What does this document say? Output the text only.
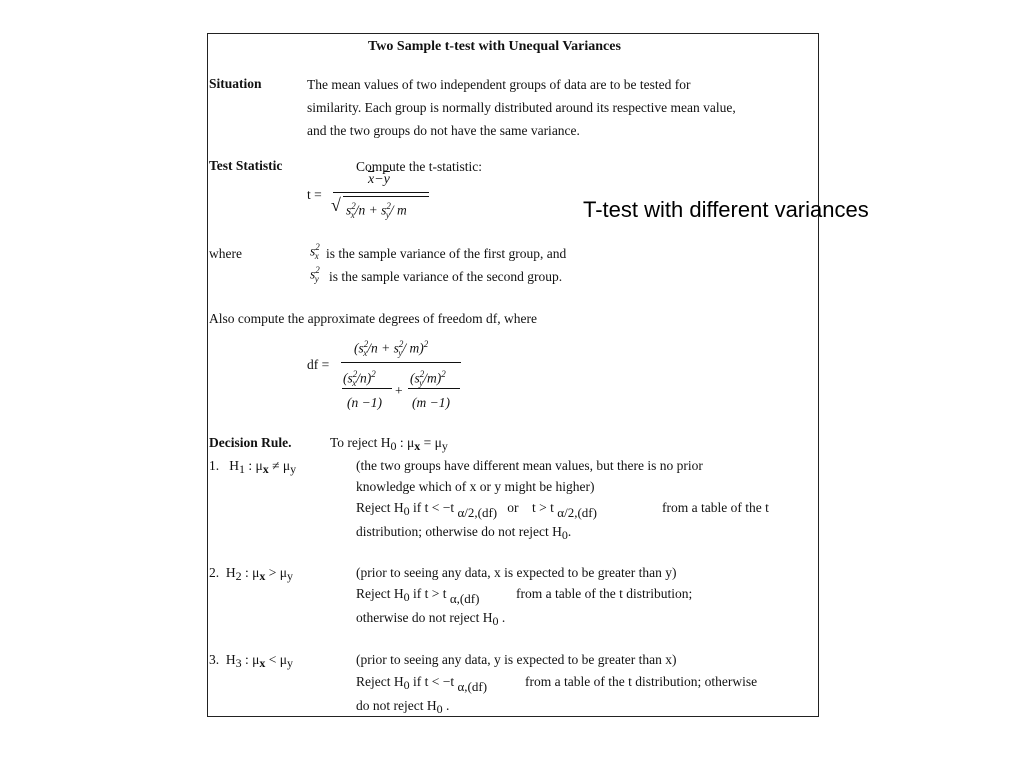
Two Sample t-test with Unequal Variances
Situation	The mean values of two independent groups of data are to be tested for
similarity. Each group is normally distributed around its respective mean value,
and the two groups do not have the same variance.
Test Statistic	Compute the t-statistic:
t =
$\overline{x}-\overline{y}$
√ $s^2_x/n + s^2_y/$ m
where	$s^2_x$ is the sample variance of the first group, and
$s^2_y$ is the sample variance of the second group.
Also compute the approximate degrees of freedom df, where
df =
($s^2_x/n + s^2_y/$ m)$^2$
$(s^2_x/n)^2$
(n −1)
+
$(s^2_y/m)^2$
(m −1)
Decision Rule.	To reject H0 : μx = μy
1.   H1 : μx ≠ μy	(the two groups have different mean values, but there is no prior
knowledge which of x or y might be higher)
Reject H0 if t < −t α/2,(df)   or    t > t α/2,(df)	from a table of the t
distribution; otherwise do not reject H0.
2.  H2 : μx > μy	(prior to seeing any data, x is expected to be greater than y)
Reject H0 if t > t α,(df)	from a table of the t distribution;
otherwise do not reject H0 .
3.  H3 : μx < μy	(prior to seeing any data, y is expected to be greater than x)
Reject H0 if t < −t α,(df)	from a table of the t distribution; otherwise
do not reject H0 .
T-test with different variances
